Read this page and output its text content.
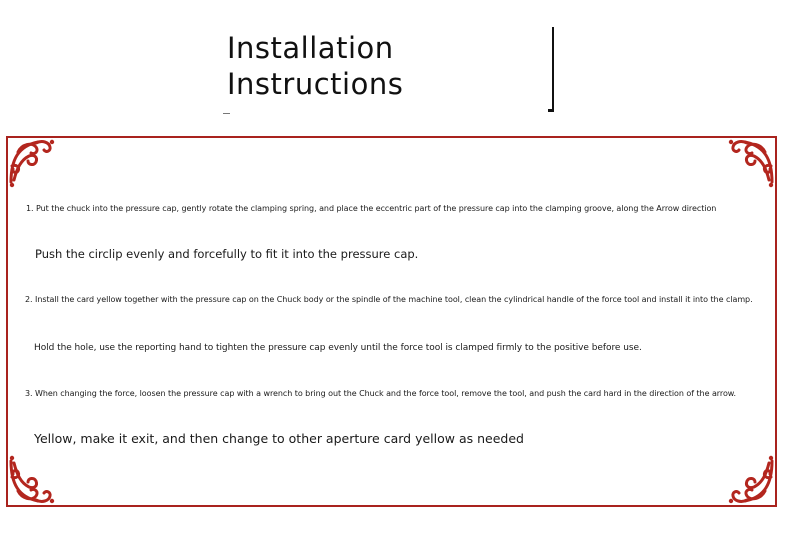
Installation
Instructions
1. Put the chuck into the pressure cap, gently rotate the clamping spring, and place the eccentric part of the pressure cap into the clamping groove, along the Arrow direction
Push the circlip evenly and forcefully to fit it into the pressure cap.
2. Install the card yellow together with the pressure cap on the Chuck body or the spindle of the machine tool, clean the cylindrical handle of the force tool and install it into the clamp.
Hold the hole, use the reporting hand to tighten the pressure cap evenly until the force tool is clamped firmly to the positive before use.
3. When changing the force, loosen the pressure cap with a wrench to bring out the Chuck and the force tool, remove the tool, and push the card hard in the direction of the arrow.
Yellow, make it exit, and then change to other aperture card yellow as needed
